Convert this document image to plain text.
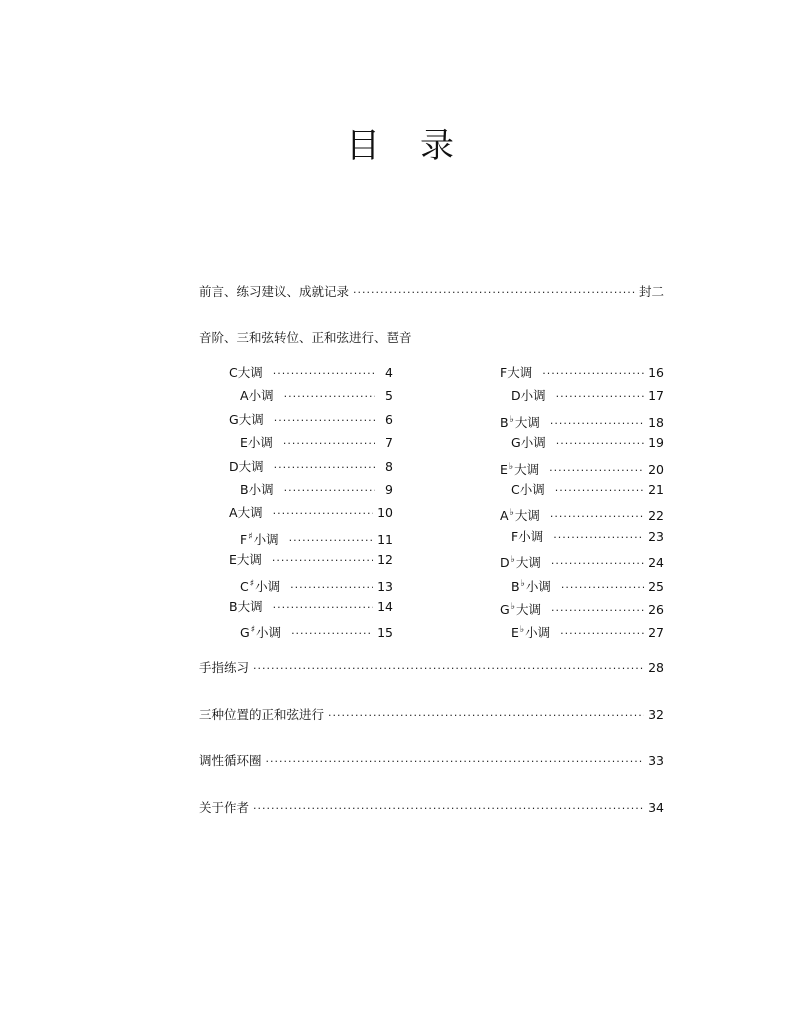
目 录
前言、练习建议、成就记录 ·····	封二
音阶、三和弦转位、正和弦进行、琶音
C大调 ·····	4
A小调 ·····	5
G大调 ·····	6
E小调 ·····	7
D大调 ·····	8
B小调 ·····	9
A大调 ·····	10
F♯小调 ·····	11
E大调 ·····	12
C♯小调 ·····	13
B大调 ·····	14
G♯小调 ·····	15
F大调 ·····	16
D小调 ·····	17
B♭大调 ·····	18
G小调 ·····	19
E♭大调 ·····	20
C小调 ·····	21
A♭大调 ·····	22
F小调 ·····	23
D♭大调 ·····	24
B♭小调 ·····	25
G♭大调 ·····	26
E♭小调 ·····	27
手指练习 ·····	28
三种位置的正和弦进行 ·····	32
调性循环圈 ·····	33
关于作者 ·····	34
